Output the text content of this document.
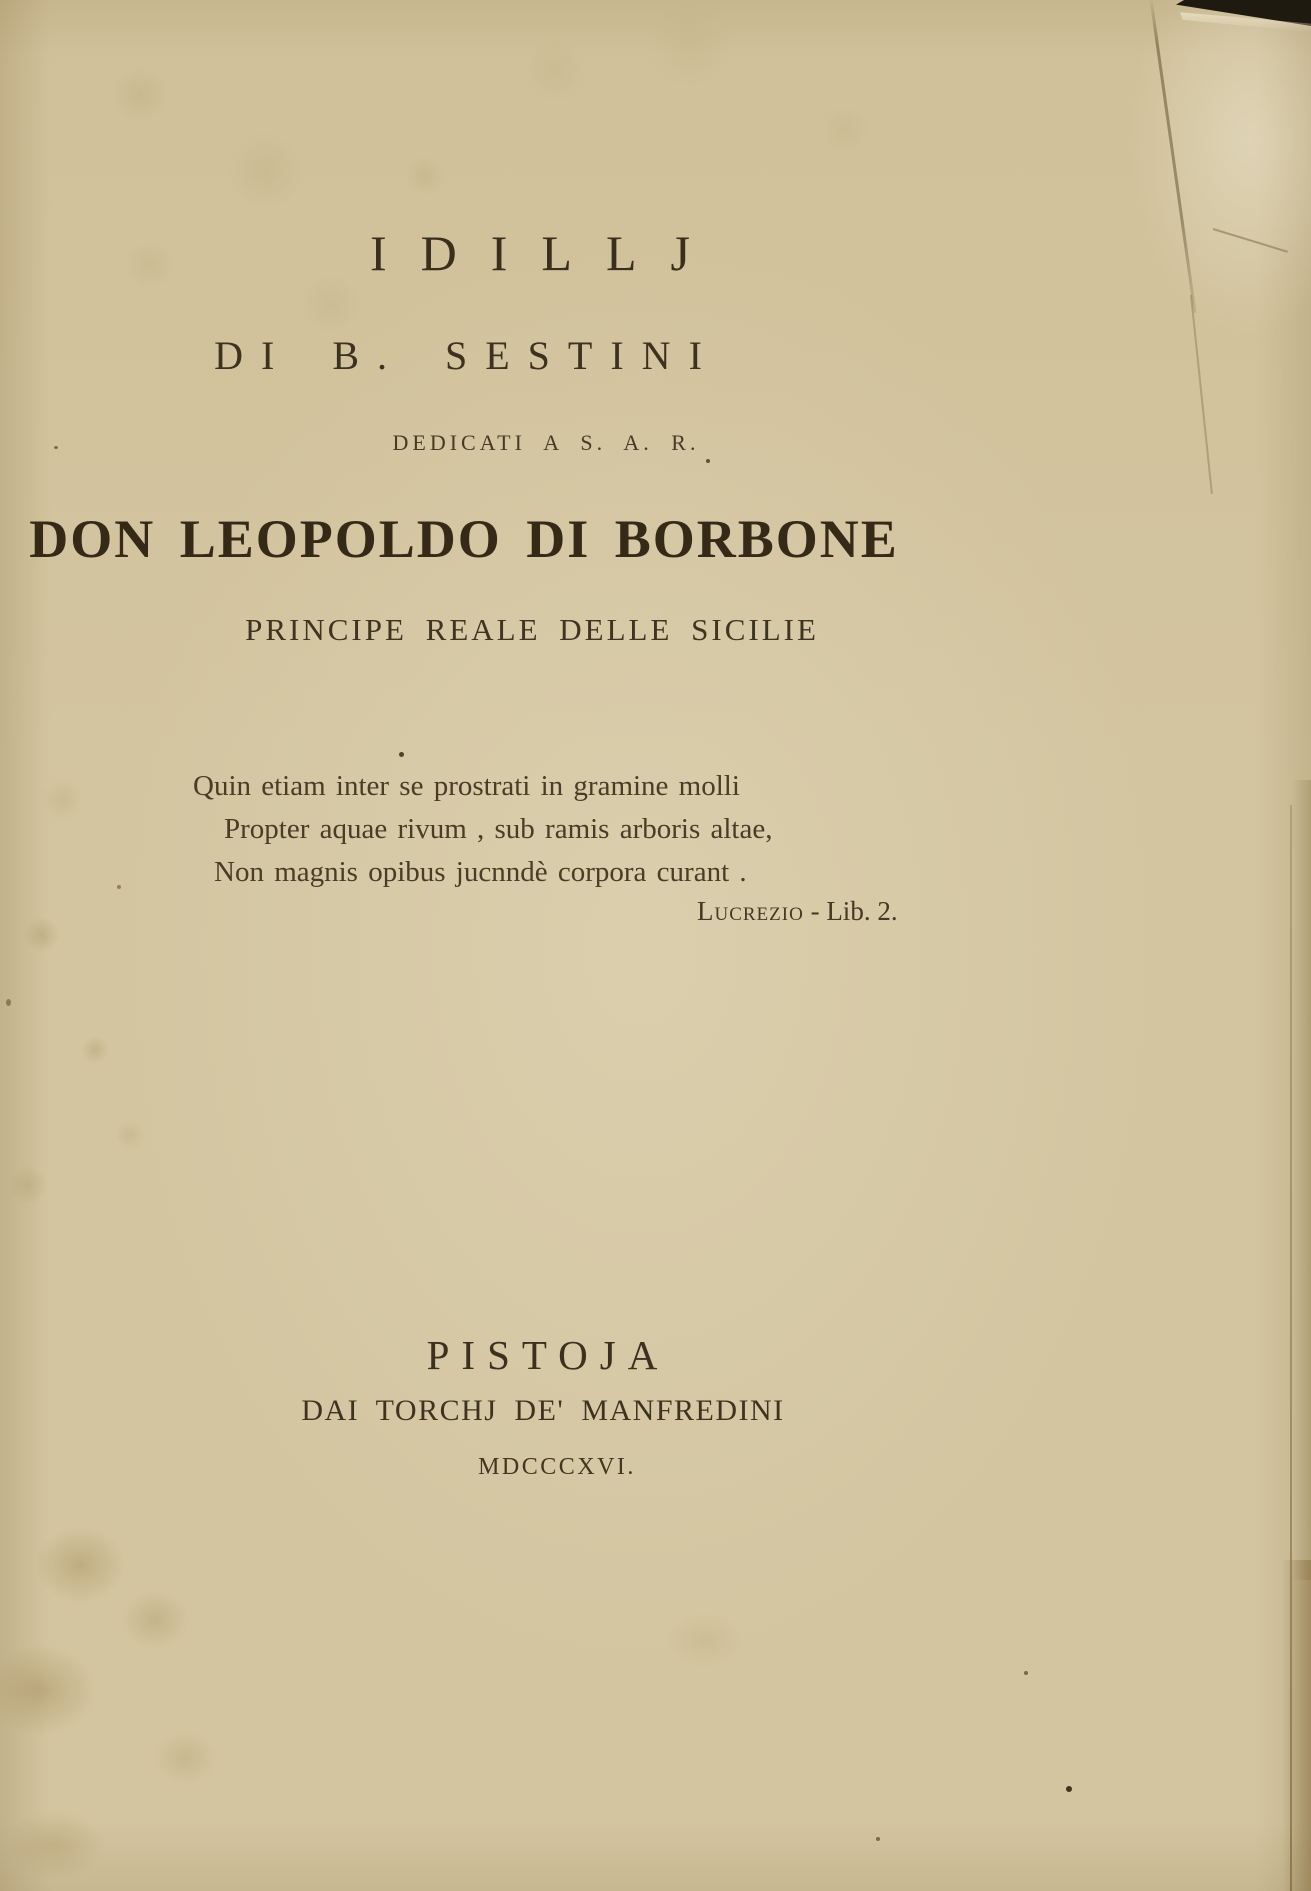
IDILLJ
DI B. SESTINI
DEDICATI A S. A. R.
DON LEOPOLDO DI BORBONE
PRINCIPE REALE DELLE SICILIE
Quin etiam inter se prostrati in gramine molli
Propter aquae rivum , sub ramis arboris altae,
Non magnis opibus jucnndè corpora curant .
Lucrezio - Lib. 2.
PISTOJA
DAI TORCHJ DE' MANFREDINI
MDCCCXVI.
